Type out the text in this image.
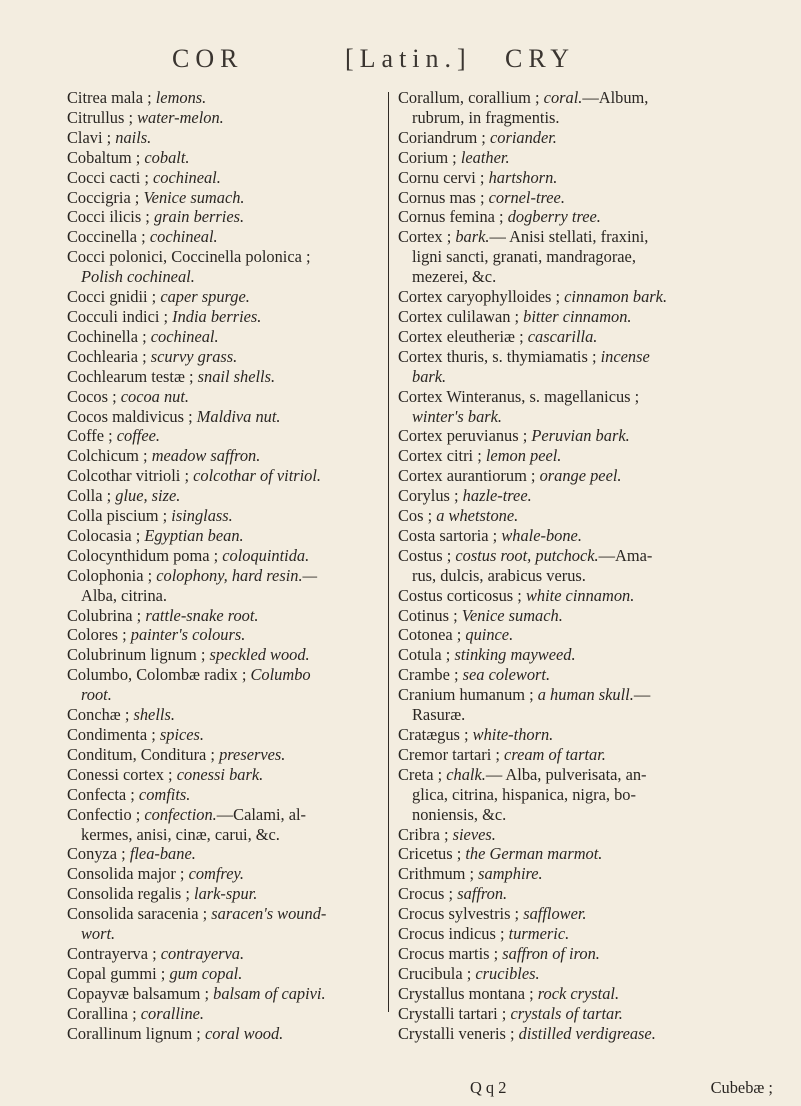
COR	[Latin.] CRY
Citrea mala ; lemons.
Citrullus ; water-melon.
Clavi ; nails.
Cobaltum ; cobalt.
Cocci cacti ; cochineal.
Coccigria ; Venice sumach.
Cocci ilicis ; grain berries.
Coccinella ; cochineal.
Cocci polonici, Coccinella polonica ;
Polish cochineal.
Cocci gnidii ; caper spurge.
Cocculi indici ; India berries.
Cochinella ; cochineal.
Cochlearia ; scurvy grass.
Cochlearum testæ ; snail shells.
Cocos ; cocoa nut.
Cocos maldivicus ; Maldiva nut.
Coffe ; coffee.
Colchicum ; meadow saffron.
Colcothar vitrioli ; colcothar of vitriol.
Colla ; glue, size.
Colla piscium ; isinglass.
Colocasia ; Egyptian bean.
Colocynthidum poma ; coloquintida.
Colophonia ; colophony, hard resin.—
Alba, citrina.
Colubrina ; rattle-snake root.
Colores ; painter's colours.
Colubrinum lignum ; speckled wood.
Columbo, Colombæ radix ; Columbo
root.
Conchæ ; shells.
Condimenta ; spices.
Conditum, Conditura ; preserves.
Conessi cortex ; conessi bark.
Confecta ; comfits.
Confectio ; confection.—Calami, al-
kermes, anisi, cinæ, carui, &c.
Conyza ; flea-bane.
Consolida major ; comfrey.
Consolida regalis ; lark-spur.
Consolida saracenia ; saracen's wound-
wort.
Contrayerva ; contrayerva.
Copal gummi ; gum copal.
Copayvæ balsamum ; balsam of capivi.
Corallina ; coralline.
Corallinum lignum ; coral wood.
Corallum, corallium ; coral.—Album,
rubrum, in fragmentis.
Coriandrum ; coriander.
Corium ; leather.
Cornu cervi ; hartshorn.
Cornus mas ; cornel-tree.
Cornus femina ; dogberry tree.
Cortex ; bark.— Anisi stellati, fraxini,
ligni sancti, granati, mandragorae,
mezerei, &c.
Cortex caryophylloides ; cinnamon bark.
Cortex culilawan ; bitter cinnamon.
Cortex eleutheriæ ; cascarilla.
Cortex thuris, s. thymiamatis ; incense
bark.
Cortex Winteranus, s. magellanicus ;
winter's bark.
Cortex peruvianus ; Peruvian bark.
Cortex citri ; lemon peel.
Cortex aurantiorum ; orange peel.
Corylus ; hazle-tree.
Cos ; a whetstone.
Costa sartoria ; whale-bone.
Costus ; costus root, putchock.—Ama-
rus, dulcis, arabicus verus.
Costus corticosus ; white cinnamon.
Cotinus ; Venice sumach.
Cotonea ; quince.
Cotula ; stinking mayweed.
Crambe ; sea colewort.
Cranium humanum ; a human skull.—
Rasuræ.
Cratægus ; white-thorn.
Cremor tartari ; cream of tartar.
Creta ; chalk.— Alba, pulverisata, an-
glica, citrina, hispanica, nigra, bo-
noniensis, &c.
Cribra ; sieves.
Cricetus ; the German marmot.
Crithmum ; samphire.
Crocus ; saffron.
Crocus sylvestris ; safflower.
Crocus indicus ; turmeric.
Crocus martis ; saffron of iron.
Crucibula ; crucibles.
Crystallus montana ; rock crystal.
Crystalli tartari ; crystals of tartar.
Crystalli veneris ; distilled verdigrease.
Q q 2	Cubebæ ;
